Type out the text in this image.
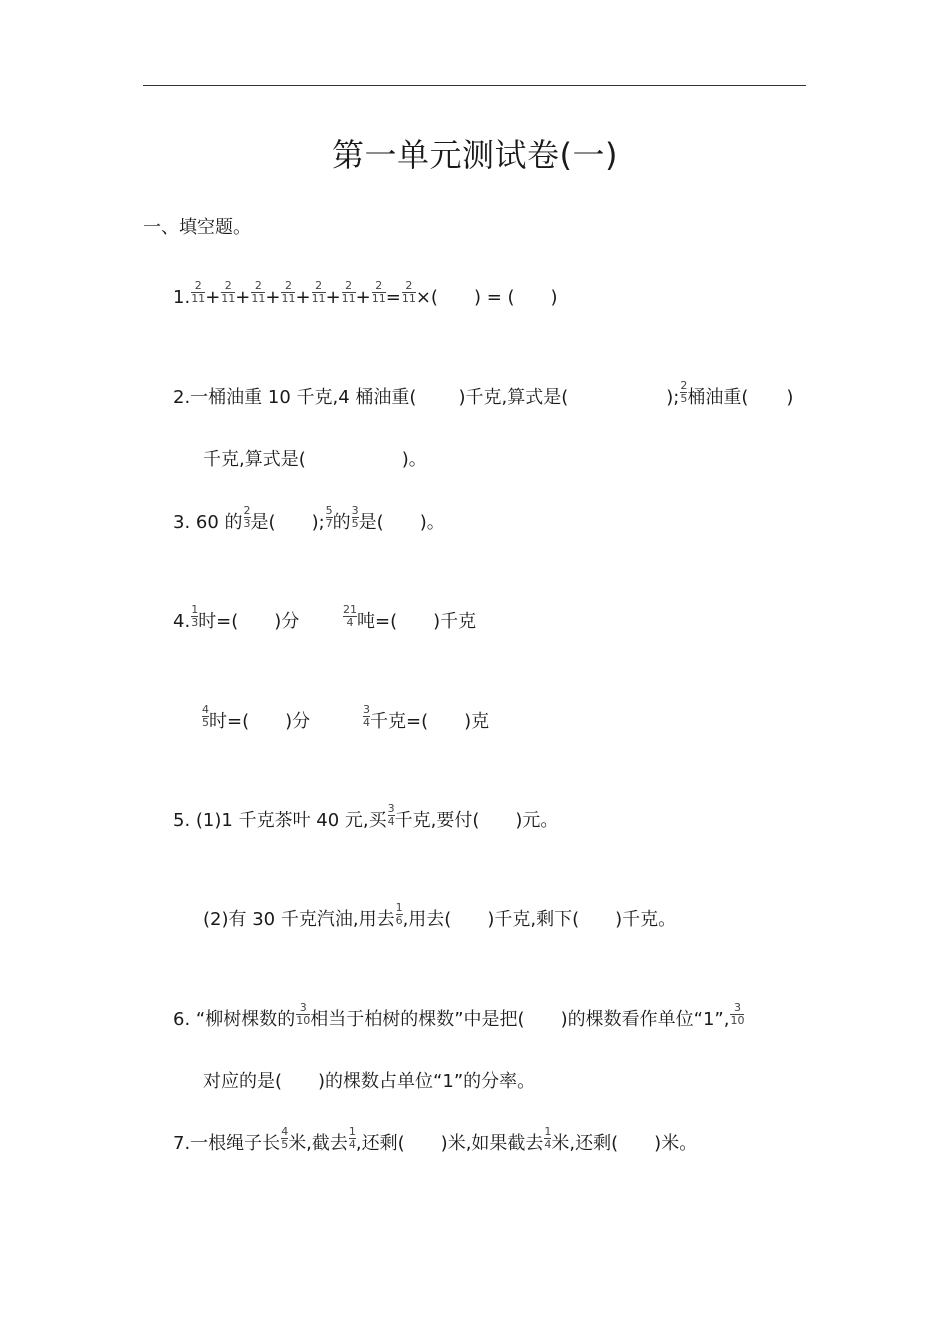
第一单元测试卷(一)
一、填空题。
1. $\frac{2}{11} + \frac{2}{11} + \frac{2}{11} + \frac{2}{11} + \frac{2}{11} + \frac{2}{11} + \frac{2}{11} = \frac{2}{11}$ ×( ) = ( )
2.一桶油重 10 千克,4 桶油重( )千克,算式是(	); $\frac{2}{5}$ 桶油重( )
千克,算式是(	)。
3. 60 的 $\frac{2}{3}$ 是( ); $\frac{5}{7}$ 的 $\frac{3}{5}$ 是( )。
4. $\frac{1}{3}$ 时=( )分	$\frac{21}{4}$ 吨=( )千克
$\frac{4}{5}$ 时=( )分	$\frac{3}{4}$ 千克=( )克
5. (1)1 千克茶叶 40 元,买 $\frac{3}{4}$ 千克,要付( )元。
(2)有 30 千克汽油,用去 $\frac{1}{6}$ ,用去( )千克,剩下( )千克。
6. “柳树棵数的 $\frac{3}{10}$ 相当于柏树的棵数”中是把( )的棵数看作单位“1”, $\frac{3}{10}$
对应的是( )的棵数占单位“1”的分率。
7.一根绳子长 $\frac{4}{5}$ 米,截去 $\frac{1}{4}$ ,还剩( )米,如果截去 $\frac{1}{4}$ 米,还剩( )米。
